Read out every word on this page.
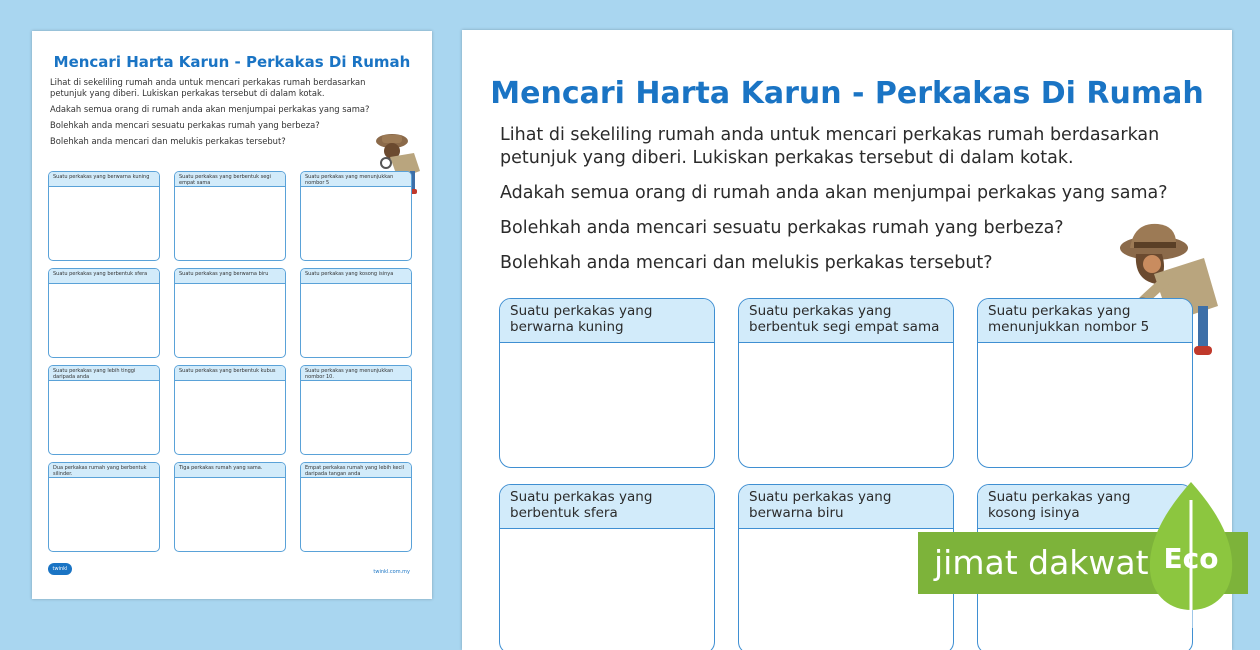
Mencari Harta Karun - Perkakas Di Rumah

Lihat di sekeliling rumah anda untuk mencari perkakas rumah berdasarkan petunjuk yang diberi. Lukiskan perkakas tersebut di dalam kotak.

Adakah semua orang di rumah anda akan menjumpai perkakas yang sama?

Bolehkah anda mencari sesuatu perkakas rumah yang berbeza?

Bolehkah anda mencari dan melukis perkakas tersebut?

Suatu perkakas yang berwarna kuning	Suatu perkakas yang berbentuk segi empat sama
Suatu perkakas yang menunjukkan nombor 5
Suatu perkakas yang berbentuk sfera	Suatu perkakas yang berwarna biru	Suatu perkakas yang kosong isinya
Suatu perkakas yang lebih tinggi daripada anda
Suatu perkakas yang berbentuk kubus	Suatu perkakas yang menunjukkan nombor 10.
Dua perkakas rumah yang berbentuk silinder.
Tiga perkakas rumah yang sama.	Empat perkakas rumah yang lebih kecil daripada tangan anda
twinkl	twinkl.com.my
Mencari Harta Karun - Perkakas Di Rumah

Lihat di sekeliling rumah anda untuk mencari perkakas rumah berdasarkan petunjuk yang diberi. Lukiskan perkakas tersebut di dalam kotak.

Adakah semua orang di rumah anda akan menjumpai perkakas yang sama?

Bolehkah anda mencari sesuatu perkakas rumah yang berbeza?

Bolehkah anda mencari dan melukis perkakas tersebut?

Suatu perkakas yang berwarna kuning
Suatu perkakas yang berbentuk segi empat sama
Suatu perkakas yang menunjukkan nombor 5
Suatu perkakas yang berbentuk sfera
Suatu perkakas yang berwarna biru
Suatu perkakas yang kosong isinya
jimat dakwat Eco
